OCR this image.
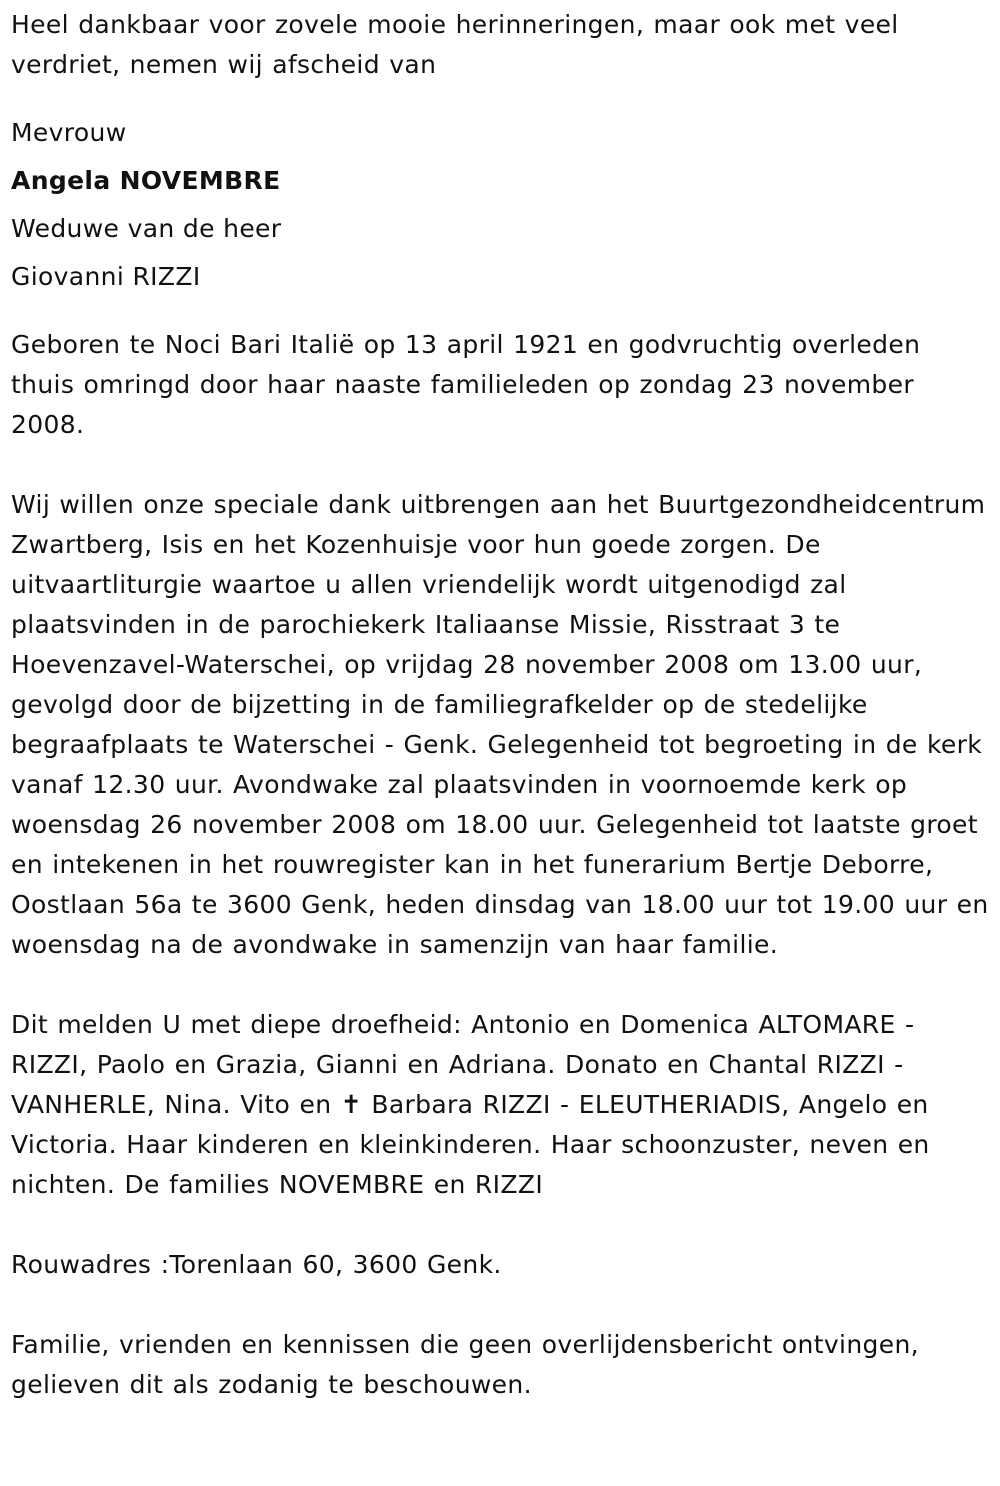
Heel dankbaar voor zovele mooie herinneringen, maar ook met veel verdriet, nemen wij afscheid van

Mevrouw

Angela NOVEMBRE

Weduwe van de heer

Giovanni RIZZI

Geboren te Noci Bari Italië op 13 april 1921 en godvruchtig overleden thuis omringd door haar naaste familieleden op zondag 23 november 2008.

Wij willen onze speciale dank uitbrengen aan het Buurtgezondheidcentrum Zwartberg, Isis en het Kozenhuisje voor hun goede zorgen. De uitvaartliturgie waartoe u allen vriendelijk wordt uitgenodigd zal plaatsvinden in de parochiekerk Italiaanse Missie, Risstraat 3 te Hoevenzavel-Waterschei, op vrijdag 28 november 2008 om 13.00 uur, gevolgd door de bijzetting in de familiegrafkelder op de stedelijke begraafplaats te Waterschei - Genk. Gelegenheid tot begroeting in de kerk vanaf 12.30 uur. Avondwake zal plaatsvinden in voornoemde kerk op woensdag 26 november 2008 om 18.00 uur. Gelegenheid tot laatste groet en intekenen in het rouwregister kan in het funerarium Bertje Deborre, Oostlaan 56a te 3600 Genk, heden dinsdag van 18.00 uur tot 19.00 uur en woensdag na de avondwake in samenzijn van haar familie.

Dit melden U met diepe droefheid: Antonio en Domenica ALTOMARE - RIZZI, Paolo en Grazia, Gianni en Adriana. Donato en Chantal RIZZI - VANHERLE, Nina. Vito en ✝ Barbara RIZZI - ELEUTHERIADIS, Angelo en Victoria. Haar kinderen en kleinkinderen. Haar schoonzuster, neven en nichten. De families NOVEMBRE en RIZZI

Rouwadres :Torenlaan 60, 3600 Genk.

Familie, vrienden en kennissen die geen overlijdensbericht ontvingen, gelieven dit als zodanig te beschouwen.
